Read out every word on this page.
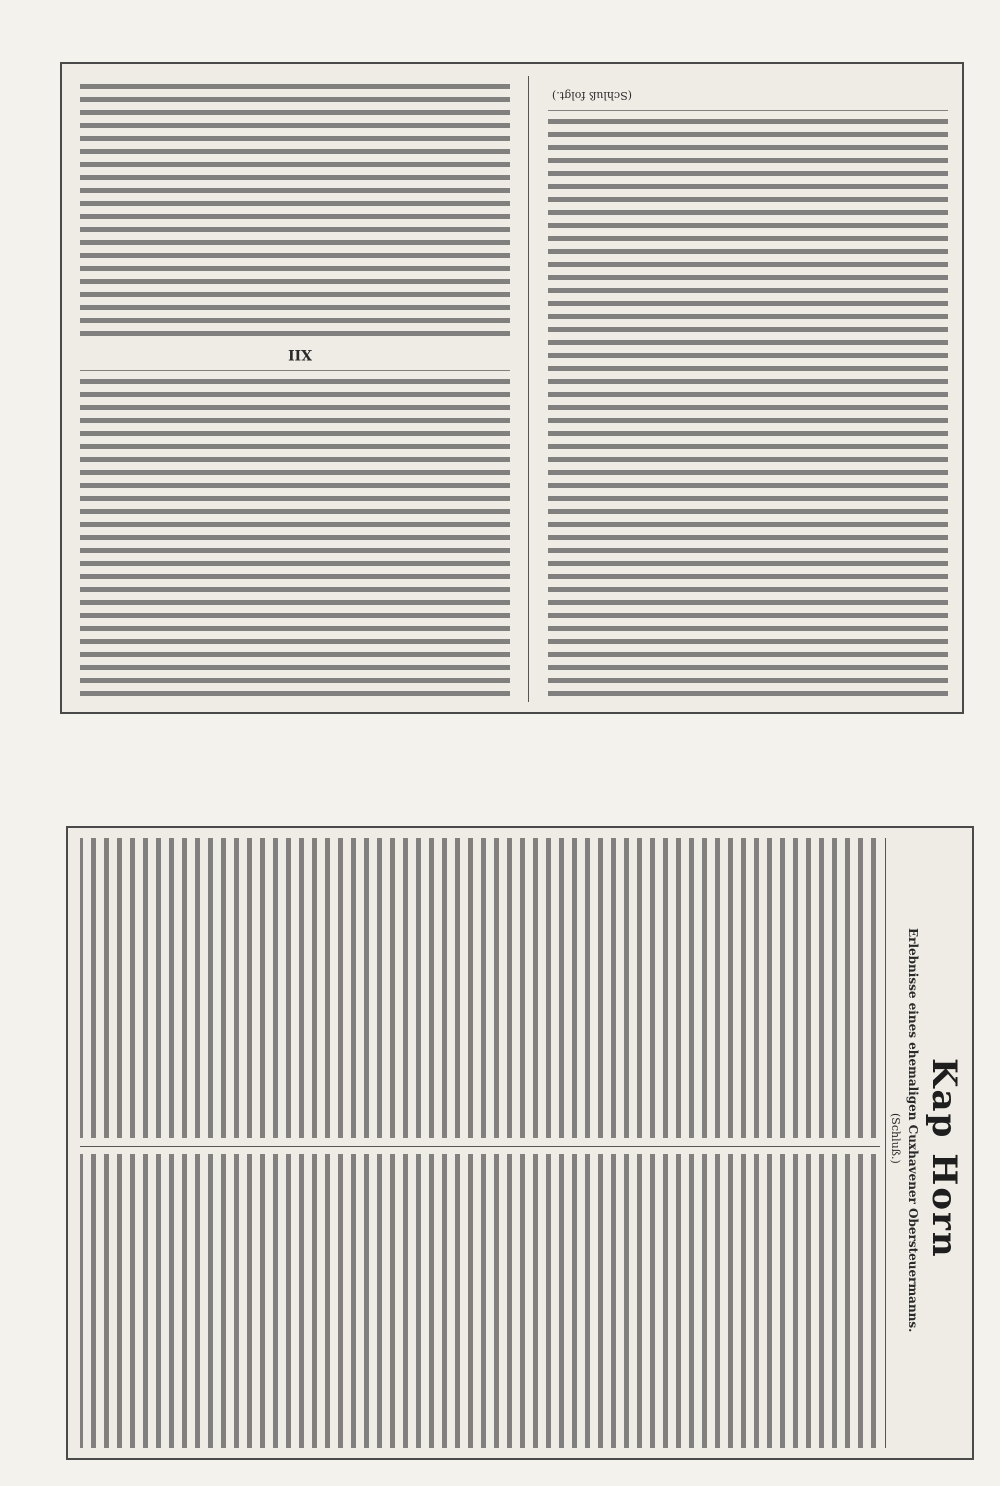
XII
(Schluß folgt.)
Kap Horn
Erlebnisse eines ehemaligen Cuxhavener Obersteuermanns.
(Schluß.)
